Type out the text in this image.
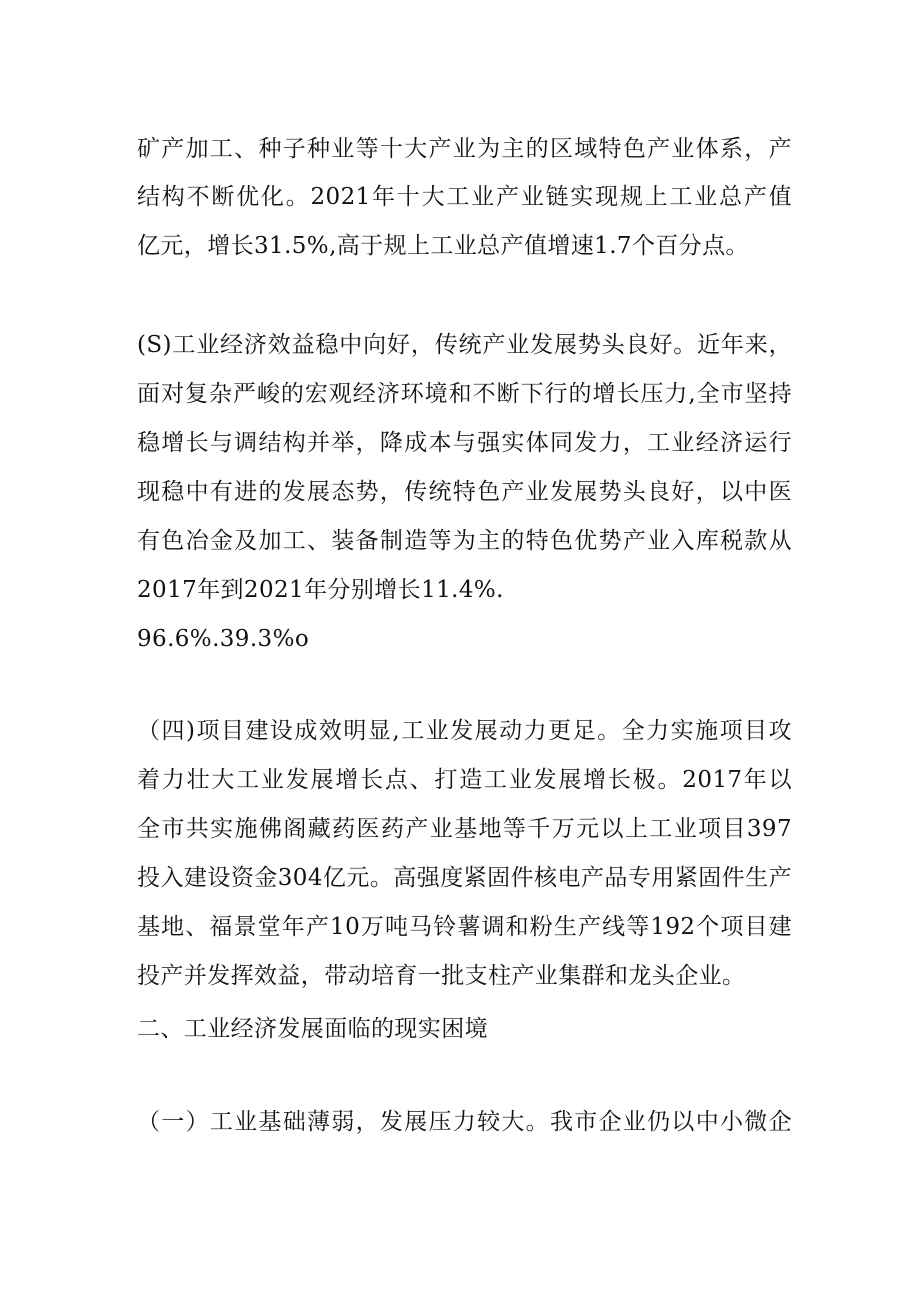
矿产加工、种子种业等十大产业为主的区域特色产业体系，产
结构不断优化。2021年十大工业产业链实现规上工业总产值
亿元，增长31.5%,高于规上工业总产值增速1.7个百分点。
(S)工业经济效益稳中向好，传统产业发展势头良好。近年来，
面对复杂严峻的宏观经济环境和不断下行的增长压力,全市坚持
稳增长与调结构并举，降成本与强实体同发力，工业经济运行
现稳中有进的发展态势，传统特色产业发展势头良好，以中医
有色冶金及加工、装备制造等为主的特色优势产业入库税款从
2017年到2021年分别增长11.4%.
96.6%.39.3%o
（四)项目建设成效明显,工业发展动力更足。全力实施项目攻
着力壮大工业发展增长点、打造工业发展增长极。2017年以
全市共实施佛阁藏药医药产业基地等千万元以上工业项目397
投入建设资金304亿元。高强度紧固件核电产品专用紧固件生产
基地、福景堂年产10万吨马铃薯调和粉生产线等192个项目建
投产并发挥效益，带动培育一批支柱产业集群和龙头企业。
二、工业经济发展面临的现实困境
（一）工业基础薄弱，发展压力较大。我市企业仍以中小微企
